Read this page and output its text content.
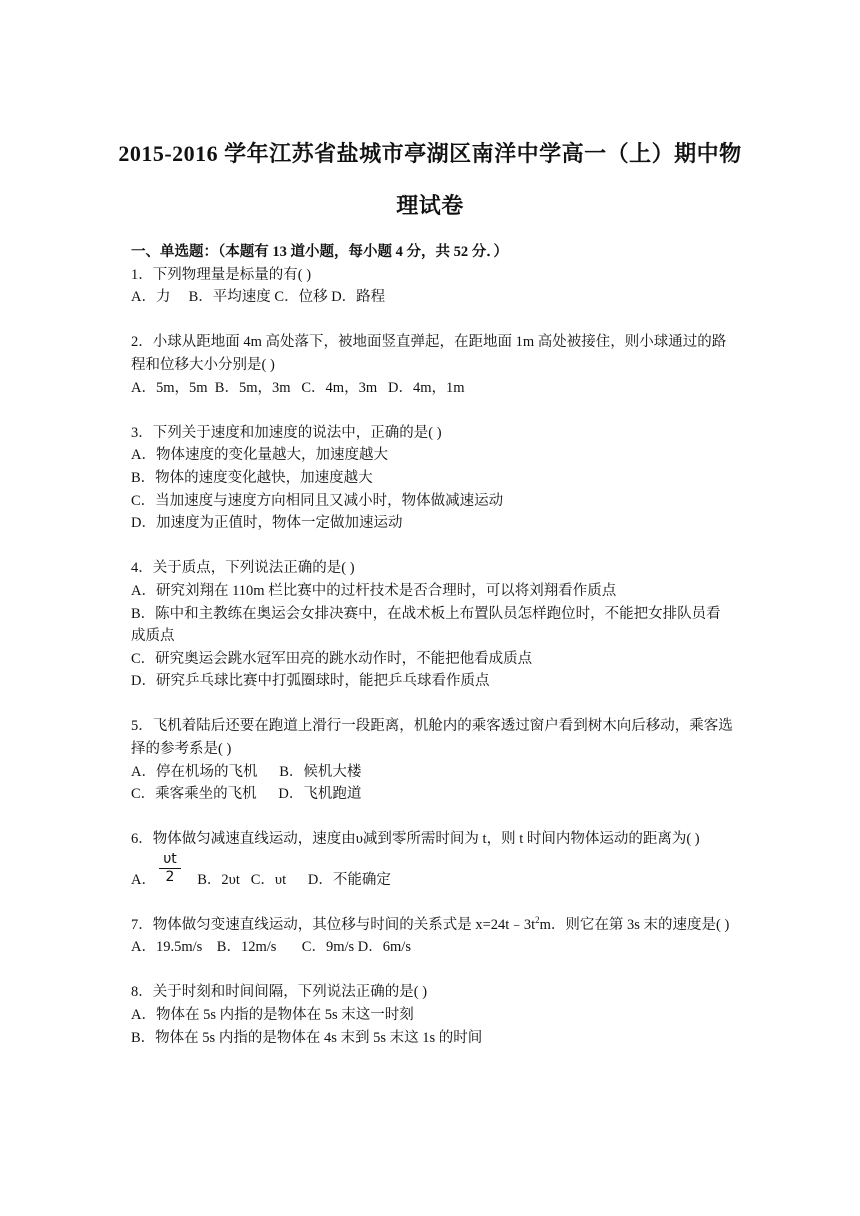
2015-2016 学年江苏省盐城市亭湖区南洋中学高一（上）期中物
理试卷

一、单选题：（本题有 13 道小题，每小题 4 分，共 52 分．）

1．下列物理量是标量的有( )

A．力     B．平均速度 C．位移 D．路程

2．小球从距地面 4m 高处落下，被地面竖直弹起，在距地面 1m 高处被接住，则小球通过的路程和位移大小分别是( )

A．5m，5m  B．5m，3m   C．4m，3m   D．4m，1m

3．下列关于速度和加速度的说法中，正确的是( )

A．物体速度的变化量越大，加速度越大

B．物体的速度变化越快，加速度越大

C．当加速度与速度方向相同且又减小时，物体做减速运动

D．加速度为正值时，物体一定做加速运动

4．关于质点，下列说法正确的是( )

A．研究刘翔在 110m 栏比赛中的过杆技术是否合理时，可以将刘翔看作质点

B．陈中和主教练在奥运会女排决赛中，在战术板上布置队员怎样跑位时，不能把女排队员看成质点

C．研究奥运会跳水冠军田亮的跳水动作时，不能把他看成质点

D．研究乒乓球比赛中打弧圈球时，能把乒乓球看作质点

5．飞机着陆后还要在跑道上滑行一段距离，机舱内的乘客透过窗户看到树木向后移动，乘客选择的参考系是( )

A．停在机场的飞机      B．候机大楼

C．乘客乘坐的飞机      D．飞机跑道

6．物体做匀减速直线运动，速度由υ减到零所需时间为 t，则 t 时间内物体运动的距离为( )

A． $\frac{\upsilon t}{2}$ B．2υt   C．υt      D．不能确定

7．物体做匀变速直线运动，其位移与时间的关系式是 $x=24t﹣3t^2m$．则它在第 3s 末的速度是( )

A．19.5m/s    B．12m/s       C．9m/s D．6m/s

8．关于时刻和时间间隔，下列说法正确的是( )

A．物体在 5s 内指的是物体在 5s 末这一时刻

B．物体在 5s 内指的是物体在 4s 末到 5s 末这 1s 的时间
